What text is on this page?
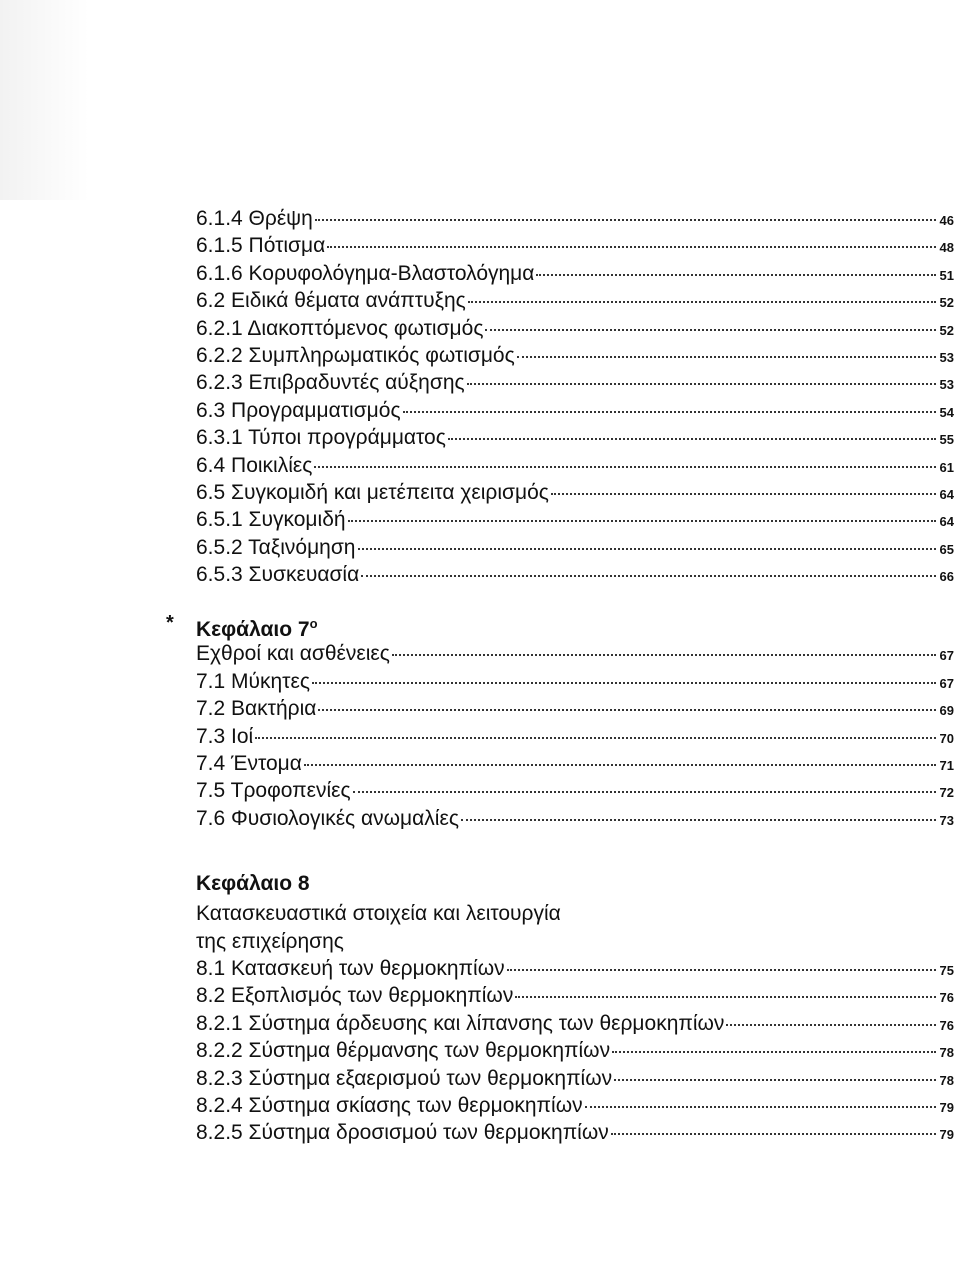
6.1.4 Θρέψη	46
6.1.5 Πότισμα	48
6.1.6 Κορυφολόγημα-Βλαστολόγημα	51
6.2 Ειδικά θέματα ανάπτυξης	52
6.2.1 Διακοπτόμενος φωτισμός	52
6.2.2 Συμπληρωματικός φωτισμός	53
6.2.3 Επιβραδυντές αύξησης	53
6.3 Προγραμματισμός	54
6.3.1 Τύποι προγράμματος	55
6.4 Ποικιλίες	61
6.5 Συγκομιδή και μετέπειτα χειρισμός	64
6.5.1 Συγκομιδή	64
6.5.2 Ταξινόμηση	65
6.5.3 Συσκευασία	66
* Κεφάλαιο $7^o$
Εχθροί και ασθένειες	67
7.1 Μύκητες	67
7.2 Βακτήρια	69
7.3 Ιοί	70
7.4 Έντομα	71
7.5 Τροφοπενίες	72
7.6 Φυσιολογικές ανωμαλίες	73
Κεφάλαιο 8
Κατασκευαστικά στοιχεία και λειτουργία
της επιχείρησης
8.1 Κατασκευή των θερμοκηπίων	75
8.2 Εξοπλισμός των θερμοκηπίων	76
8.2.1 Σύστημα άρδευσης και λίπανσης των θερμοκηπίων	76
8.2.2 Σύστημα θέρμανσης των θερμοκηπίων	78
8.2.3 Σύστημα εξαερισμού των θερμοκηπίων	78
8.2.4 Σύστημα σκίασης των θερμοκηπίων	79
8.2.5 Σύστημα δροσισμού των θερμοκηπίων	79
